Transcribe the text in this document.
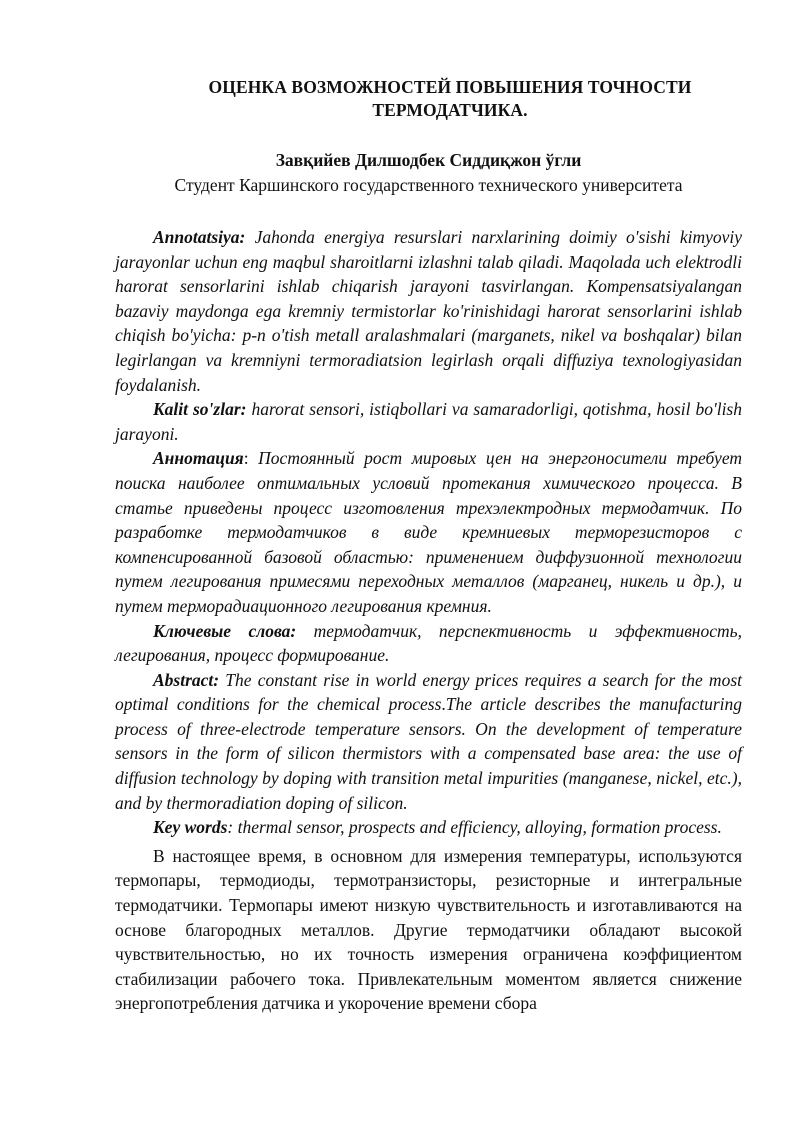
ОЦЕНКА ВОЗМОЖНОСТЕЙ ПОВЫШЕНИЯ ТОЧНОСТИ
ТЕРМОДАТЧИКА.
Завқийев Дилшодбек Сиддиқжон ўгли
Студент Каршинского государственного технического университета

Annotatsiya: Jahonda energiya resurslari narxlarining doimiy o'sishi kimyoviy jarayonlar uchun eng maqbul sharoitlarni izlashni talab qiladi. Maqolada uch elektrodli harorat sensorlarini ishlab chiqarish jarayoni tasvirlangan. Kompensatsiyalangan bazaviy maydonga ega kremniy termistorlar ko'rinishidagi harorat sensorlarini ishlab chiqish bo'yicha: p-n o'tish metall aralashmalari (marganets, nikel va boshqalar) bilan legirlangan va kremniyni termoradiatsion legirlash orqali diffuziya texnologiyasidan foydalanish.

Kalit so'zlar: harorat sensori, istiqbollari va samaradorligi, qotishma, hosil bo'lish jarayoni.

Аннотация: Постоянный рост мировых цен на энергоносители требует поиска наиболее оптимальных условий протекания химического процесса. В статье приведены процесс изготовления трехэлектродных термодатчик. По разработке термодатчиков в виде кремниевых терморезисторов с компенсированной базовой областью: применением диффузионной технологии путем легирования примесями переходных металлов (марганец, никель и др.), и путем терморадиационного легирования кремния.

Ключевые слова: термодатчик, перспективность и эффективность, легирования, процесс формирование.

Abstract: The constant rise in world energy prices requires a search for the most optimal conditions for the chemical process.The article describes the manufacturing process of three-electrode temperature sensors. On the development of temperature sensors in the form of silicon thermistors with a compensated base area: the use of diffusion technology by doping with transition metal impurities (manganese, nickel, etc.), and by thermoradiation doping of silicon.

Key words: thermal sensor, prospects and efficiency, alloying, formation process.

В настоящее время, в основном для измерения температуры, используются термопары, термодиоды, термотранзисторы, резисторные и интегральные термодатчики. Термопары имеют низкую чувствительность и изготавливаются на основе благородных металлов. Другие термодатчики обладают высокой чувствительностью, но их точность измерения ограничена коэффициентом стабилизации рабочего тока. Привлекательным моментом является снижение энергопотребления датчика и укорочение времени сбора
